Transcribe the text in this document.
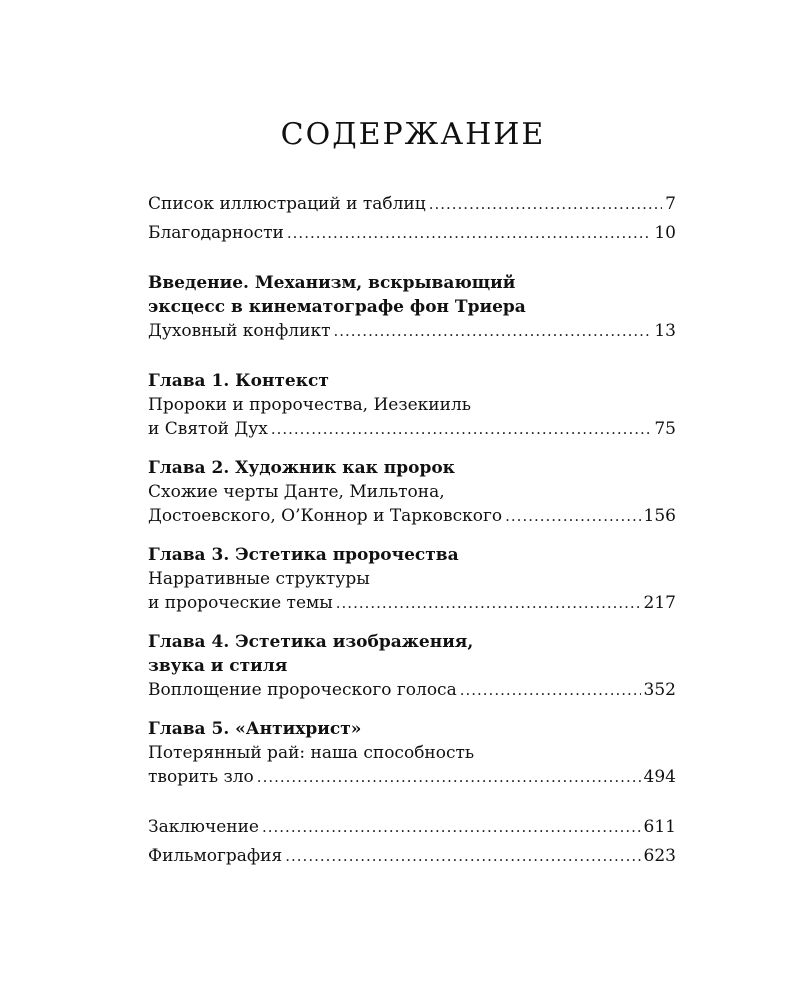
СОДЕРЖАНИЕ
Список иллюстраций и таблиц .....	7
Благодарности .....	10
Введение. Механизм, вскрывающий
эксцесс в кинематографе фон Триера
Духовный конфликт .....	13
Глава 1. Контекст
Пророки и пророчества, Иезекииль
и Святой Дух .....	75
Глава 2. Художник как пророк
Схожие черты Данте, Мильтона,
Достоевского, О’Коннор и Тарковского .....	156
Глава 3. Эстетика пророчества
Нарративные структуры
и пророческие темы .....	217
Глава 4. Эстетика изображения,
звука и стиля
Воплощение пророческого голоса .....	352
Глава 5. «Антихрист»
Потерянный рай: наша способность
творить зло .....	494
Заключение .....	611
Фильмография .....	623
